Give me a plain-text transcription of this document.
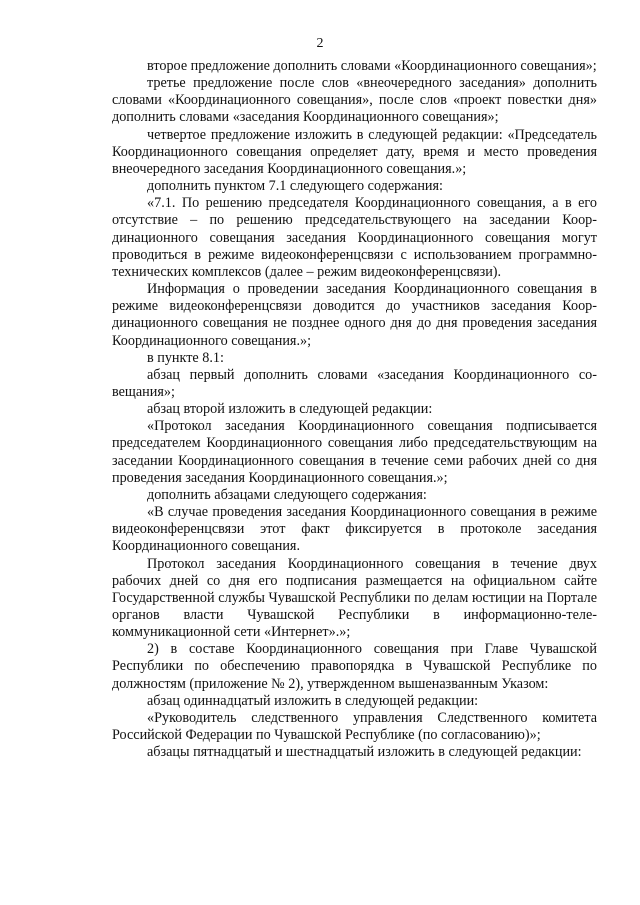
2

второе предложение дополнить словами «Координационного совещания»;

третье предложение после слов «внеочередного заседания» дополнить словами «Координационного совещания», после слов «проект повестки дня» дополнить словами «заседания Координационного совещания»;

четвертое предложение изложить в следующей редакции: «Председатель Координационного совещания определяет дату, время и место проведения внеочередного заседания Координационного совещания.»;

дополнить пунктом 7.1 следующего содержания:

«7.1. По решению председателя Координационного совещания, а в его отсутствие – по решению председательствующего на заседании Координационного совещания заседания Координационного совещания могут проводиться в режиме видеоконференцсвязи с использованием программно-технических комплексов (далее – режим видеоконференцсвязи).

Информация о проведении заседания Координационного совещания в режиме видеоконференцсвязи доводится до участников заседания Координационного совещания не позднее одного дня до дня проведения заседания Координационного совещания.»;

в пункте 8.1:

абзац первый дополнить словами «заседания Координационного совещания»;

абзац второй изложить в следующей редакции:

«Протокол заседания Координационного совещания подписывается председателем Координационного совещания либо председательствующим на заседании Координационного совещания в течение семи рабочих дней со дня проведения заседания Координационного совещания.»;

дополнить абзацами следующего содержания:

«В случае проведения заседания Координационного совещания в режиме видеоконференцсвязи этот факт фиксируется в протоколе заседания Координационного совещания.

Протокол заседания Координационного совещания в течение двух рабочих дней со дня его подписания размещается на официальном сайте Государственной службы Чувашской Республики по делам юстиции на Портале органов власти Чувашской Республики в информационно-телекоммуникационной сети «Интернет».»;

2) в составе Координационного совещания при Главе Чувашской Республики по обеспечению правопорядка в Чувашской Республике по должностям (приложение № 2), утвержденном вышеназванным Указом:

абзац одиннадцатый изложить в следующей редакции:

«Руководитель следственного управления Следственного комитета Российской Федерации по Чувашской Республике (по согласованию)»;

абзацы пятнадцатый и шестнадцатый изложить в следующей редакции:
